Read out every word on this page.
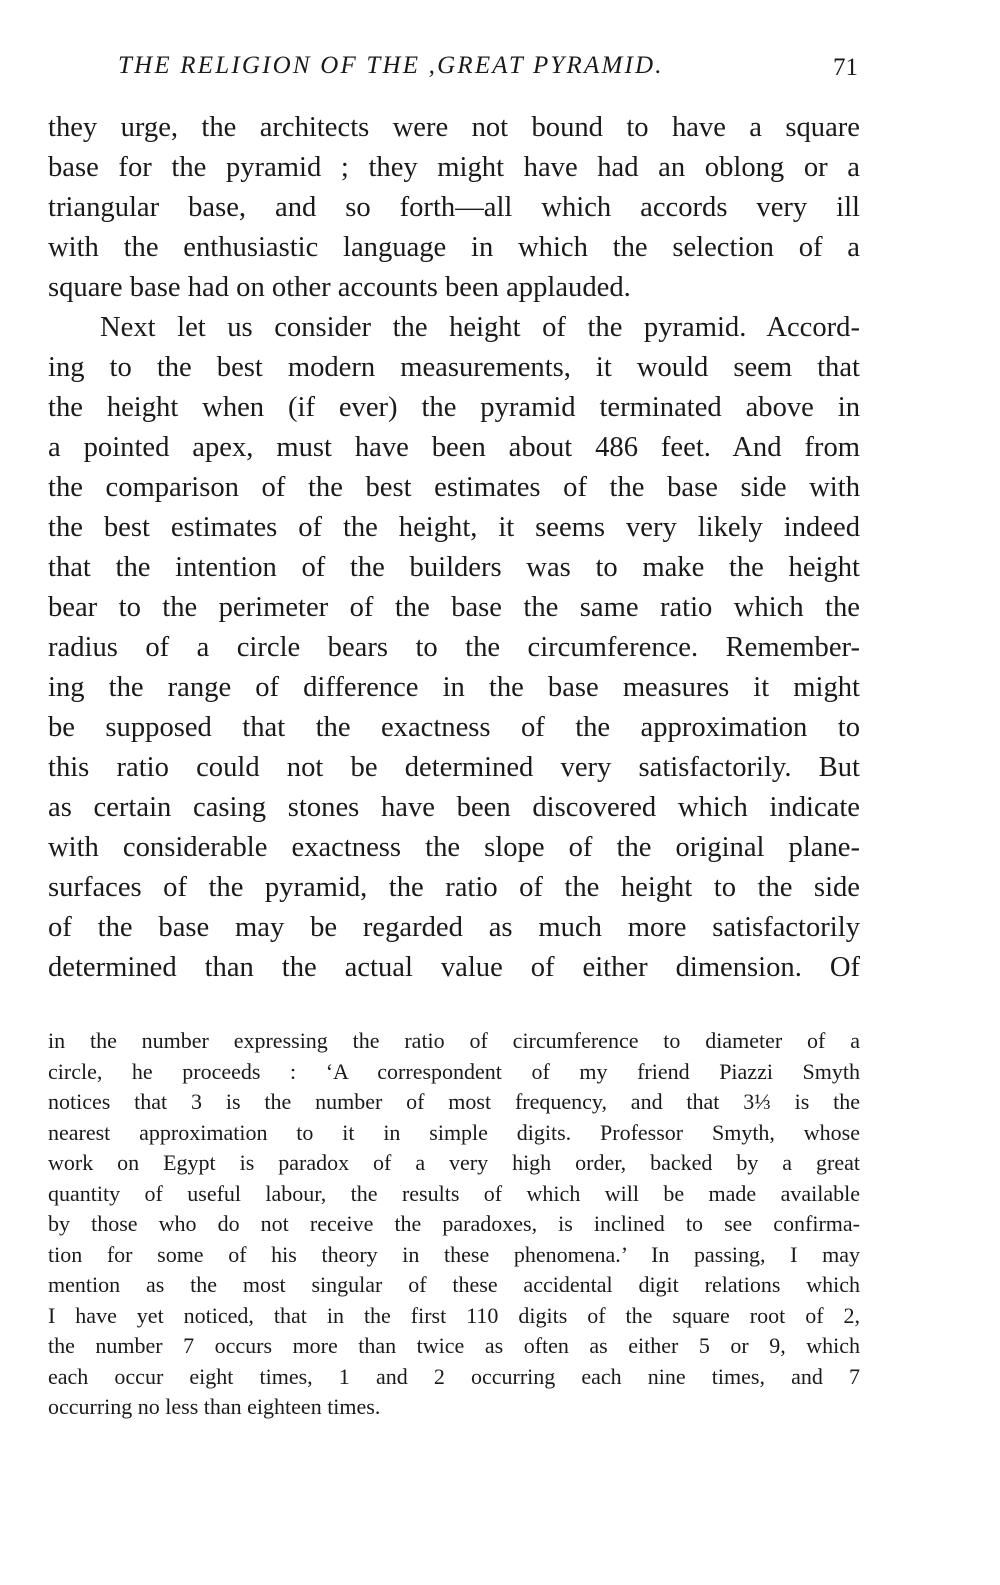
THE RELIGION OF THE ,GREAT PYRAMID.	71
they urge, the architects were not bound to have a square
base for the pyramid ; they might have had an oblong or a
triangular base, and so forth—all which accords very ill
with the enthusiastic language in which the selection of a
square base had on other accounts been applauded.
Next let us consider the height of the pyramid. Accord-
ing to the best modern measurements, it would seem that
the height when (if ever) the pyramid terminated above in
a pointed apex, must have been about 486 feet. And from
the comparison of the best estimates of the base side with
the best estimates of the height, it seems very likely indeed
that the intention of the builders was to make the height
bear to the perimeter of the base the same ratio which the
radius of a circle bears to the circumference. Remember-
ing the range of difference in the base measures it might
be supposed that the exactness of the approximation to
this ratio could not be determined very satisfactorily. But
as certain casing stones have been discovered which indicate
with considerable exactness the slope of the original plane-
surfaces of the pyramid, the ratio of the height to the side
of the base may be regarded as much more satisfactorily
determined than the actual value of either dimension. Of
in the number expressing the ratio of circumference to diameter of a
circle, he proceeds : ‘A correspondent of my friend Piazzi Smyth
notices that 3 is the number of most frequency, and that 3⅓ is the
nearest approximation to it in simple digits. Professor Smyth, whose
work on Egypt is paradox of a very high order, backed by a great
quantity of useful labour, the results of which will be made available
by those who do not receive the paradoxes, is inclined to see confirma-
tion for some of his theory in these phenomena.’ In passing, I may
mention as the most singular of these accidental digit relations which
I have yet noticed, that in the first 110 digits of the square root of 2,
the number 7 occurs more than twice as often as either 5 or 9, which
each occur eight times, 1 and 2 occurring each nine times, and 7
occurring no less than eighteen times.
